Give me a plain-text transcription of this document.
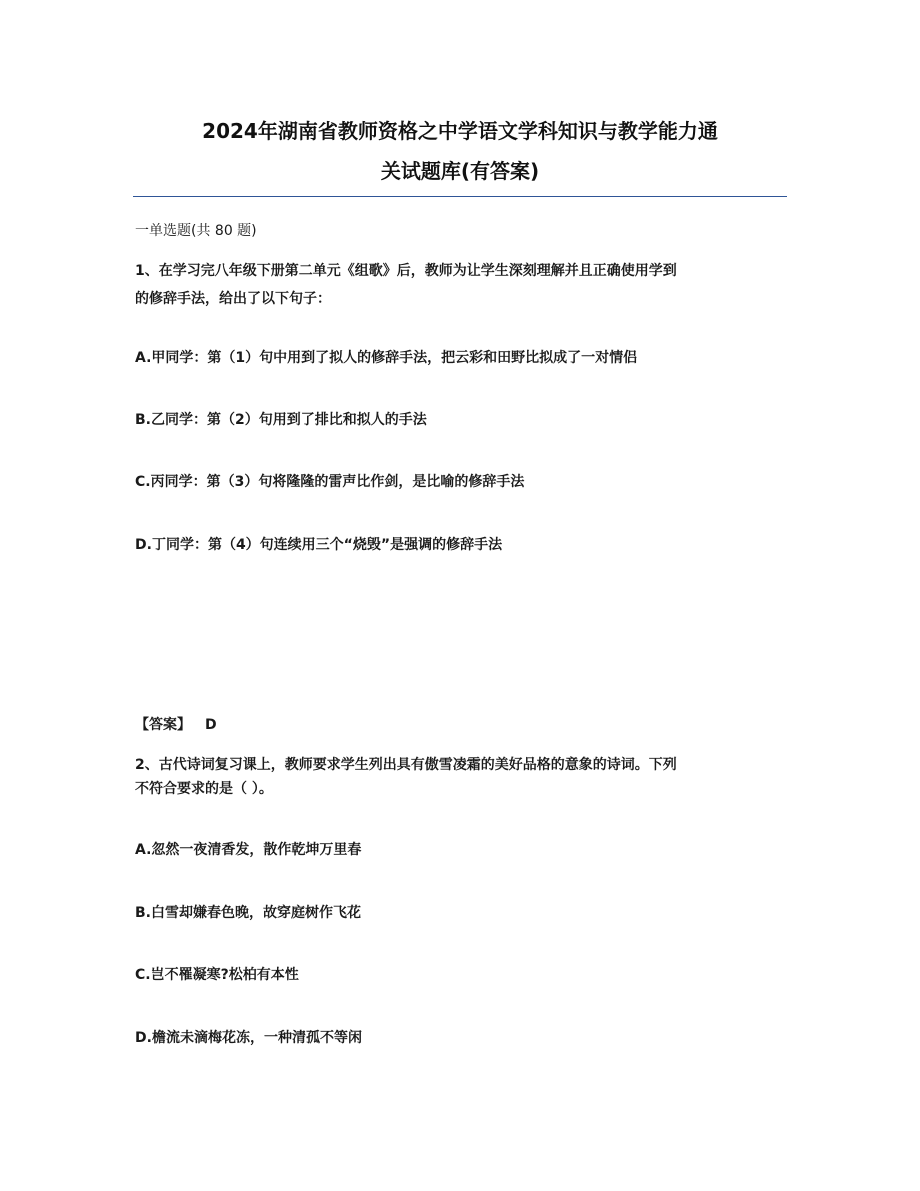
2024年湖南省教师资格之中学语文学科知识与教学能力通
关试题库(有答案)
一单选题(共 80 题)
1、在学习完八年级下册第二单元《组歌》后，教师为让学生深刻理解并且正确使用学到
的修辞手法，给出了以下句子：
A.甲同学：第（1）句中用到了拟人的修辞手法，把云彩和田野比拟成了一对情侣
B.乙同学：第（2）句用到了排比和拟人的手法
C.丙同学：第（3）句将隆隆的雷声比作剑，是比喻的修辞手法
D.丁同学：第（4）句连续用三个“烧毁”是强调的修辞手法
【答案】 D
2、古代诗词复习课上，教师要求学生列出具有傲雪凌霜的美好品格的意象的诗词。下列
不符合要求的是（ ）。
A.忽然一夜清香发，散作乾坤万里春
B.白雪却嫌春色晚，故穿庭树作飞花
C.岂不罹凝寒?松柏有本性
D.檐流未滴梅花冻，一种清孤不等闲
